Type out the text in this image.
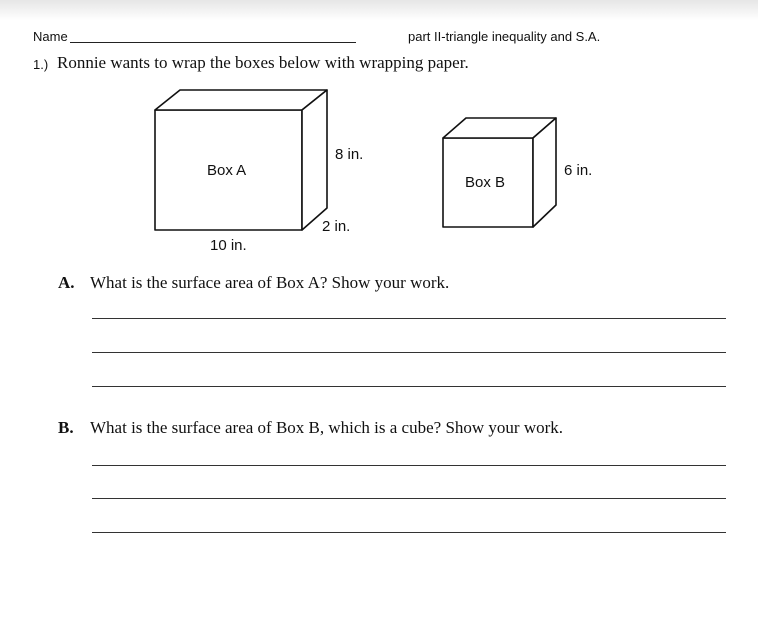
Name	part II-triangle inequality and S.A.
1.) Ronnie wants to wrap the boxes below with wrapping paper.
Box A
8 in.
2 in.
10 in.
Box B
6 in.
A. What is the surface area of Box A? Show your work.
B. What is the surface area of Box B, which is a cube? Show your work.
